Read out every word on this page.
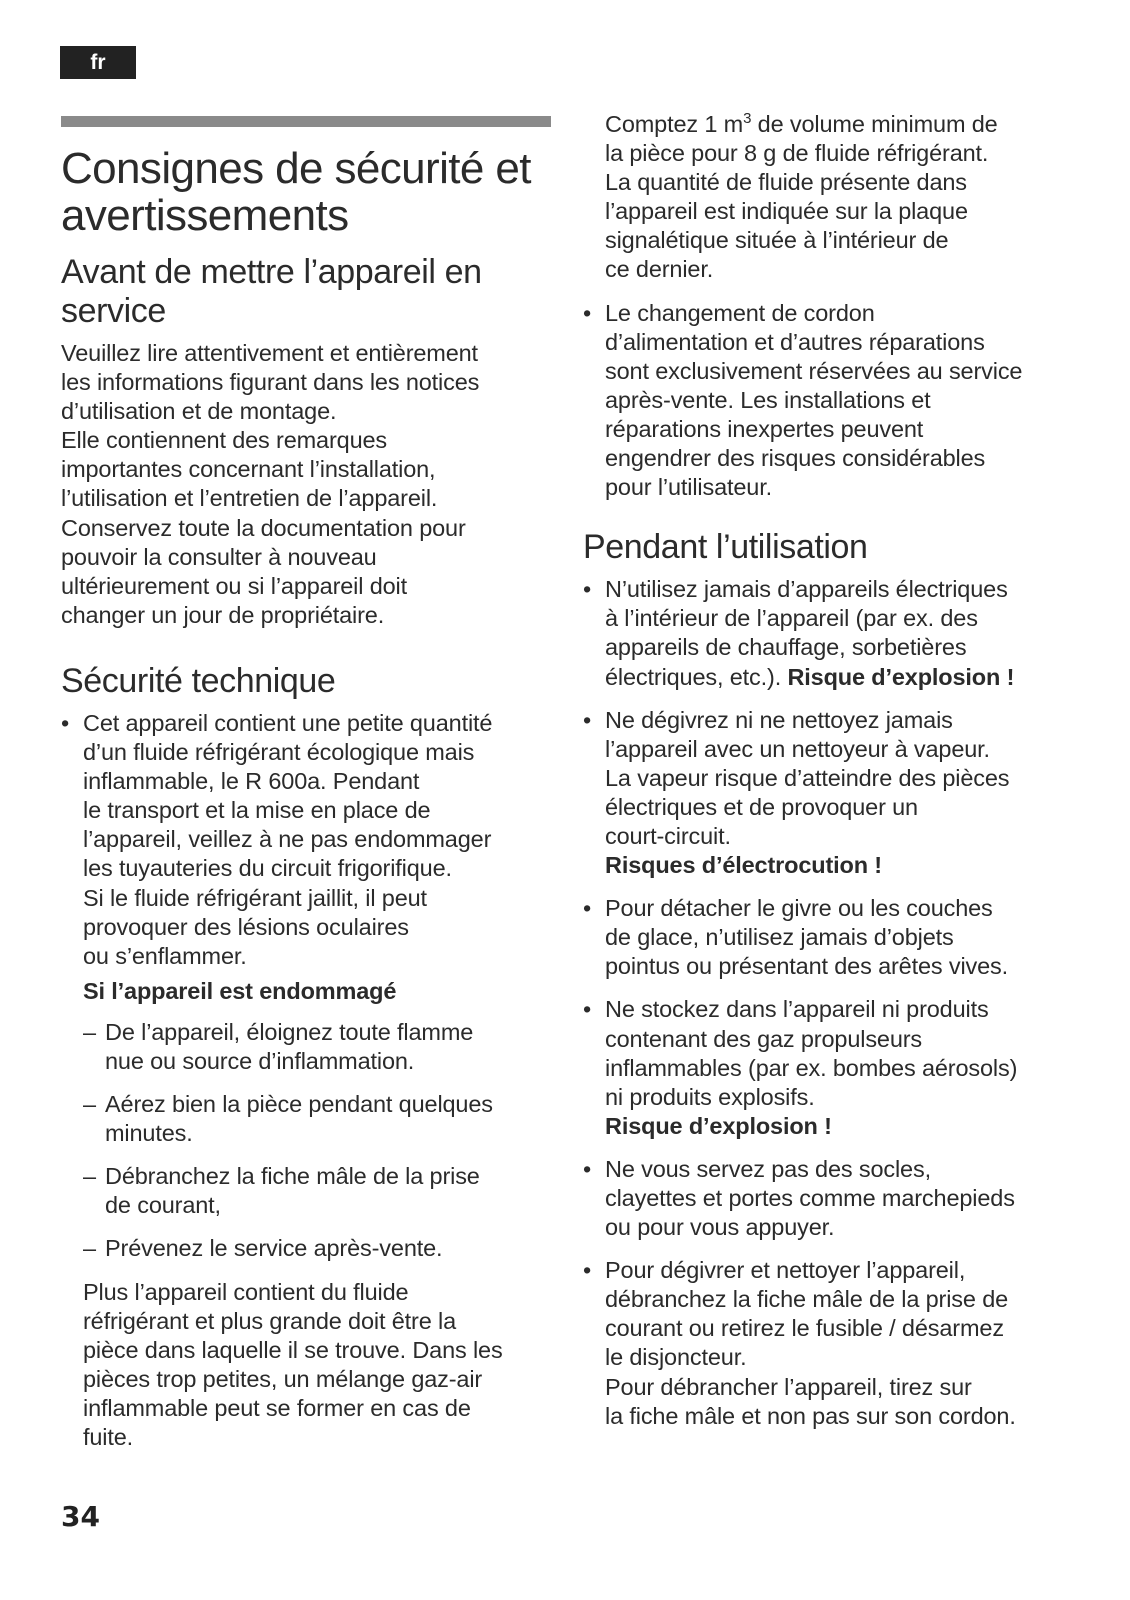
fr
Consignes de sécurité et avertissements
Avant de mettre l’appareil en service

Veuillez lire attentivement et entièrement
les informations figurant dans les notices
d’utilisation et de montage.
Elle contiennent des remarques
importantes concernant l’installation,
l’utilisation et l’entretien de l’appareil.
Conservez toute la documentation pour
pouvoir la consulter à nouveau
ultérieurement ou si l’appareil doit
changer un jour de propriétaire.

Sécurité technique
• Cet appareil contient une petite quantité
d’un fluide réfrigérant écologique mais
inflammable, le R 600a. Pendant
le transport et la mise en place de
l’appareil, veillez à ne pas endommager
les tuyauteries du circuit frigorifique.
Si le fluide réfrigérant jaillit, il peut
provoquer des lésions oculaires
ou s’enflammer.
Si l’appareil est endommagé
– De l’appareil, éloignez toute flamme
nue ou source d’inflammation.
– Aérez bien la pièce pendant quelques
minutes.
– Débranchez la fiche mâle de la prise
de courant,
– Prévenez le service après-vente.

Plus l’appareil contient du fluide
réfrigérant et plus grande doit être la
pièce dans laquelle il se trouve. Dans les
pièces trop petites, un mélange gaz-air
inflammable peut se former en cas de
fuite.

Comptez 1 $m^3$ de volume minimum de
la pièce pour 8 g de fluide réfrigérant.
La quantité de fluide présente dans
l’appareil est indiquée sur la plaque
signalétique située à l’intérieur de
ce dernier.

• Le changement de cordon
d’alimentation et d’autres réparations
sont exclusivement réservées au service
après-vente. Les installations et
réparations inexpertes peuvent
engendrer des risques considérables
pour l’utilisateur.
Pendant l’utilisation
• N’utilisez jamais d’appareils électriques
à l’intérieur de l’appareil (par ex. des
appareils de chauffage, sorbetières
électriques, etc.). Risque d’explosion !
• Ne dégivrez ni ne nettoyez jamais
l’appareil avec un nettoyeur à vapeur.
La vapeur risque d’atteindre des pièces
électriques et de provoquer un
court-circuit.
Risques d’électrocution !
• Pour détacher le givre ou les couches
de glace, n’utilisez jamais d’objets
pointus ou présentant des arêtes vives.
• Ne stockez dans l’appareil ni produits
contenant des gaz propulseurs
inflammables (par ex. bombes aérosols)
ni produits explosifs.
Risque d’explosion !
• Ne vous servez pas des socles,
clayettes et portes comme marchepieds
ou pour vous appuyer.
• Pour dégivrer et nettoyer l’appareil,
débranchez la fiche mâle de la prise de
courant ou retirez le fusible / désarmez
le disjoncteur.
Pour débrancher l’appareil, tirez sur
la fiche mâle et non pas sur son cordon.
34
